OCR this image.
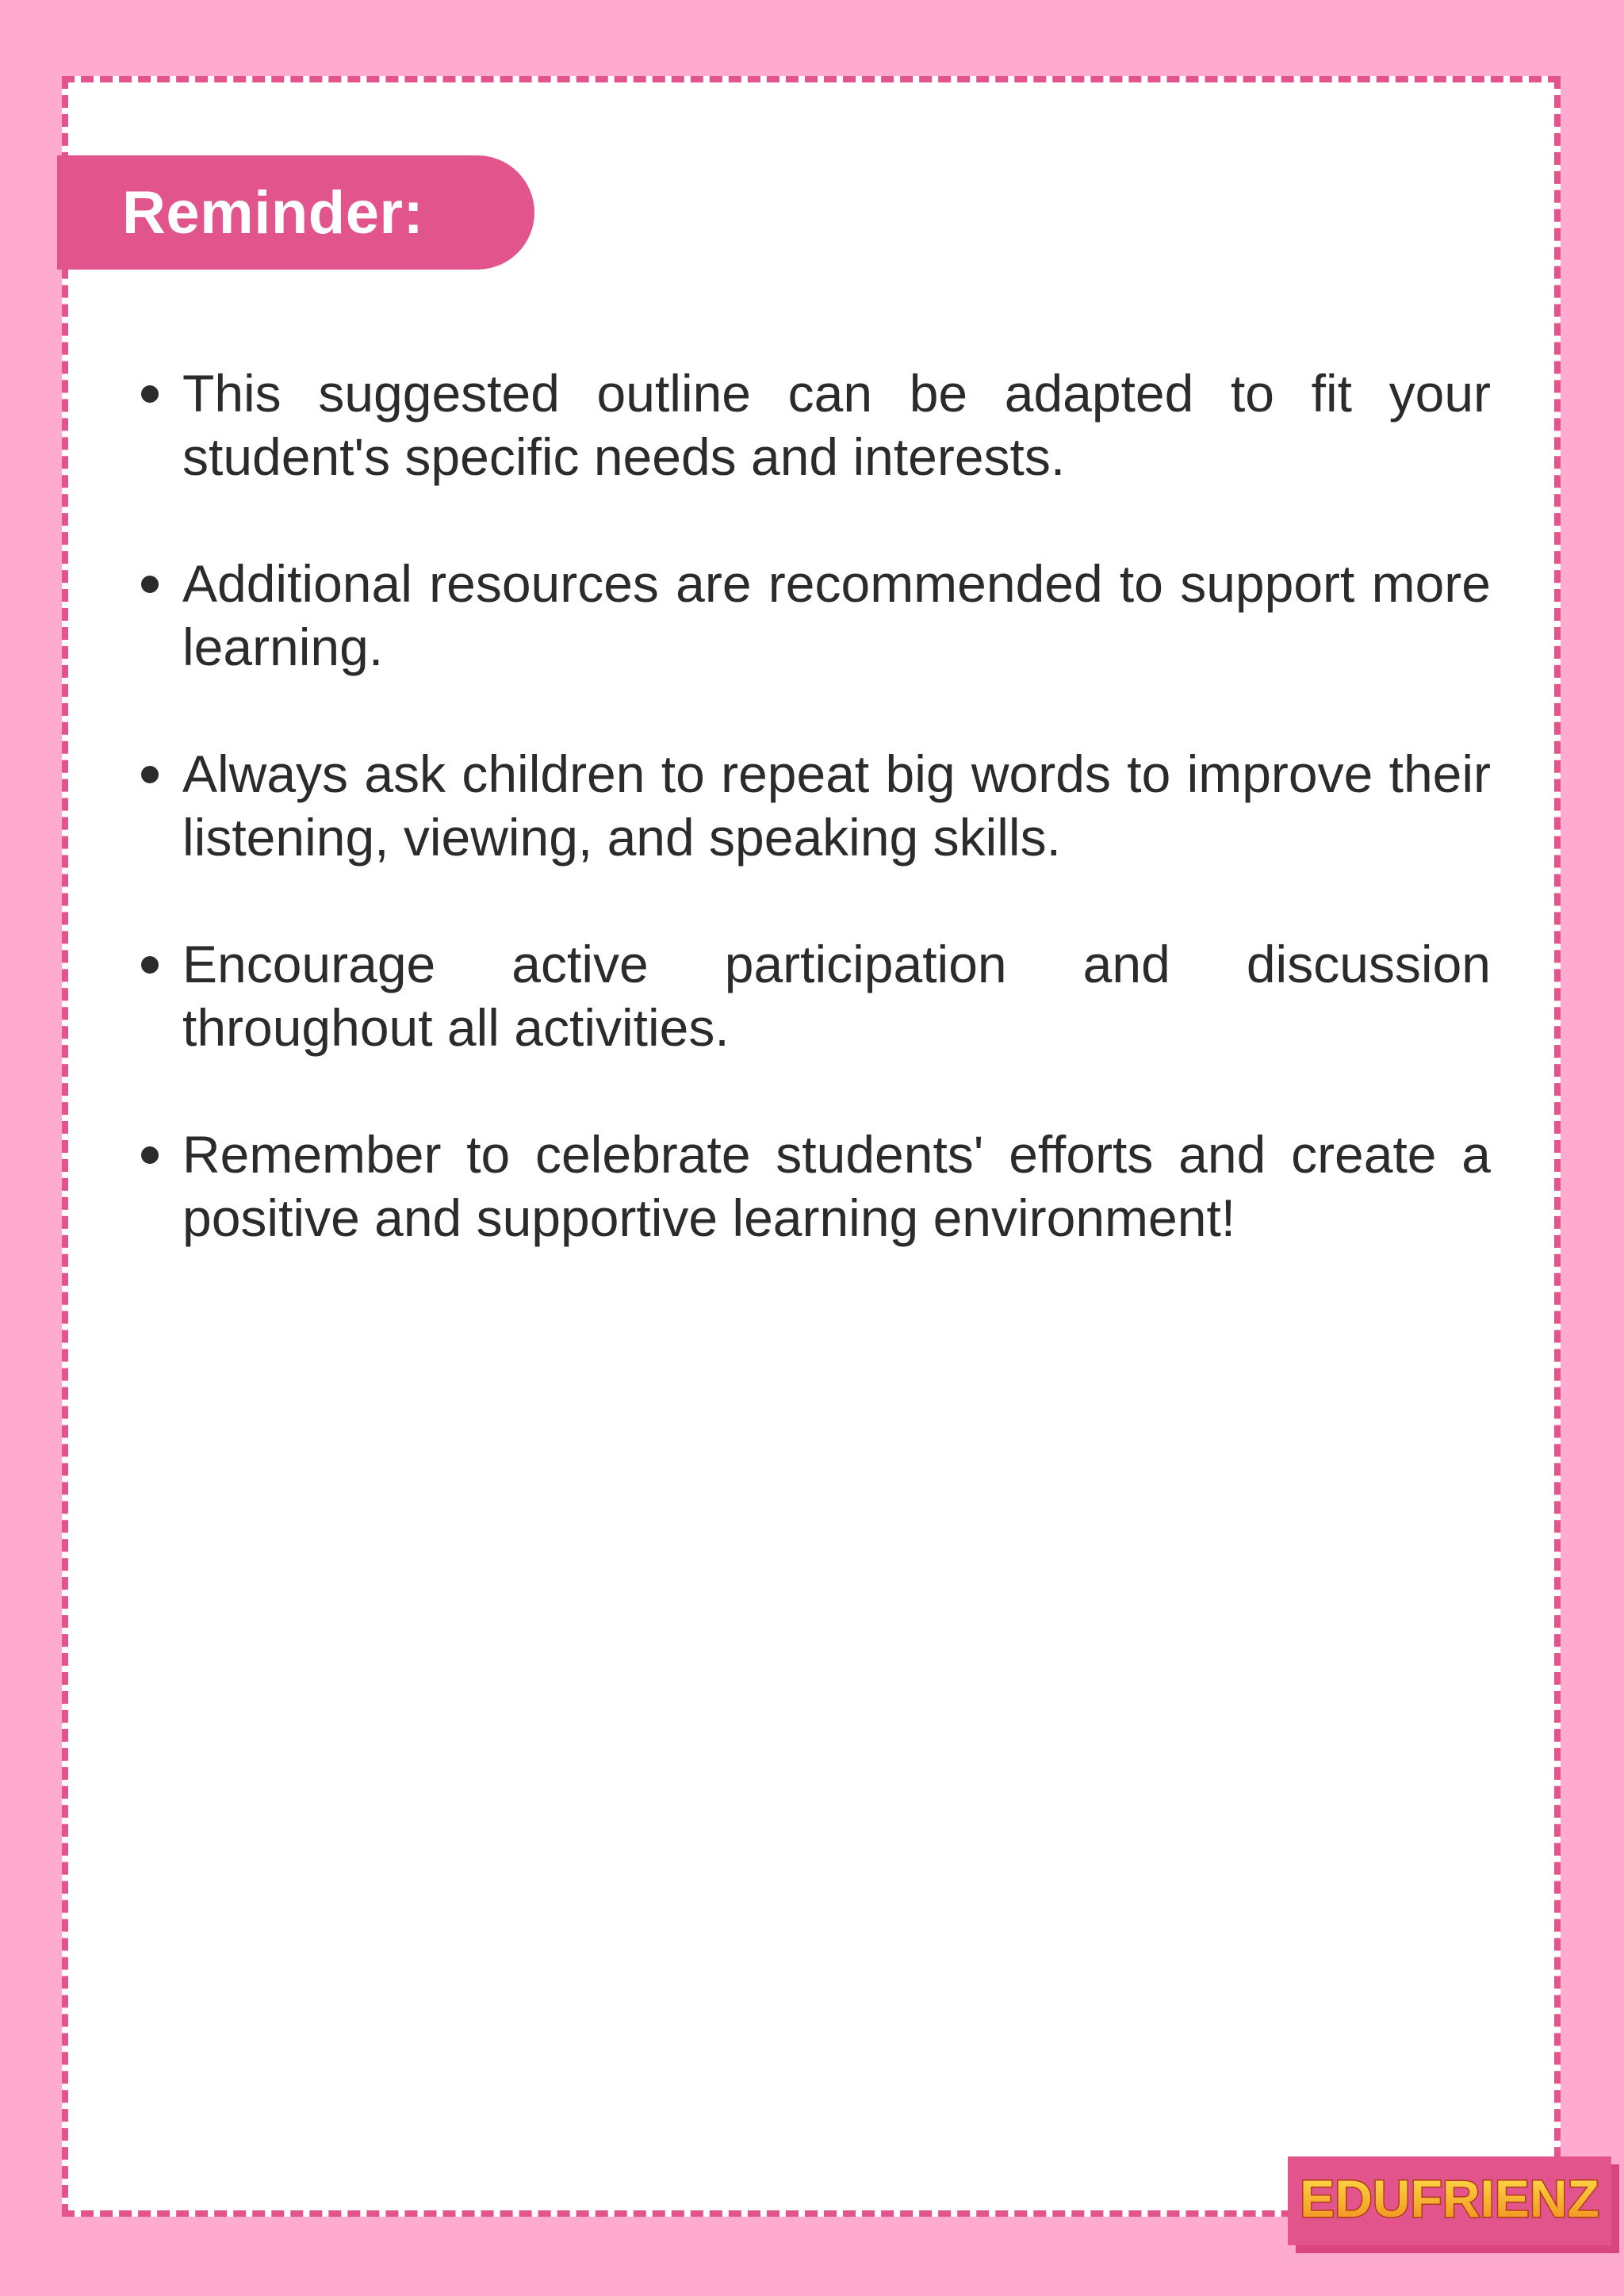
Reminder:
This suggested outline can be adapted to fit your student's specific needs and interests.
Additional resources are recommended to support more learning.
Always ask children to repeat big words to improve their listening, viewing, and speaking skills.
Encourage active participation and discussion throughout all activities.
Remember to celebrate students' efforts and create a positive and supportive learning environment!
EDUFRIENZ
